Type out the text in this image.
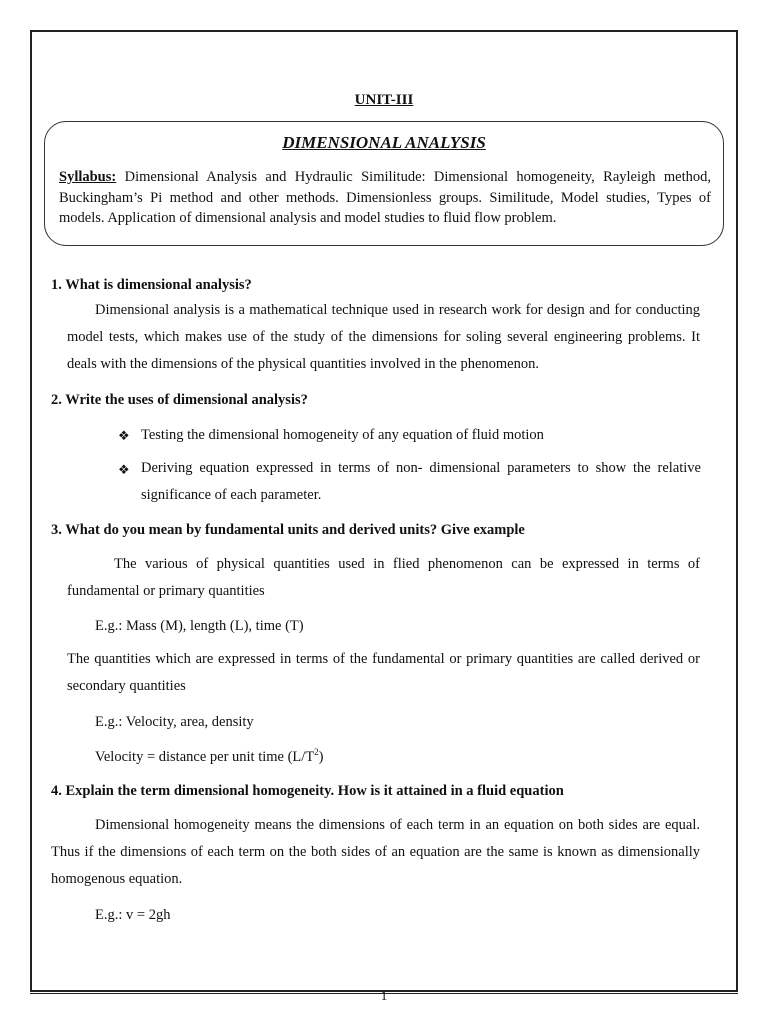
UNIT-III
DIMENSIONAL ANALYSIS
Syllabus: Dimensional Analysis and Hydraulic Similitude: Dimensional homogeneity, Rayleigh method, Buckingham’s Pi method and other methods. Dimensionless groups. Similitude, Model studies, Types of models. Application of dimensional analysis and model studies to fluid flow problem.
1. What is dimensional analysis?
Dimensional analysis is a mathematical technique used in research work for design and for conducting model tests, which makes use of the study of the dimensions for soling several engineering problems. It deals with the dimensions of the physical quantities involved in the phenomenon.
2. Write the uses of dimensional analysis?
❖ Testing the dimensional homogeneity of any equation of fluid motion
❖ Deriving equation expressed in terms of non- dimensional parameters to show the relative significance of each parameter.
3. What do you mean by fundamental units and derived units? Give example
The various of physical quantities used in flied phenomenon can be expressed in terms of fundamental or primary quantities
E.g.: Mass (M), length (L), time (T)
The quantities which are expressed in terms of the fundamental or primary quantities are called derived or secondary quantities
E.g.: Velocity, area, density
Velocity = distance per unit time $(L/T^2)$
4. Explain the term dimensional homogeneity. How is it attained in a fluid equation
Dimensional homogeneity means the dimensions of each term in an equation on both sides are equal. Thus if the dimensions of each term on the both sides of an equation are the same is known as dimensionally homogenous equation.
E.g.: v = 2gh
1
